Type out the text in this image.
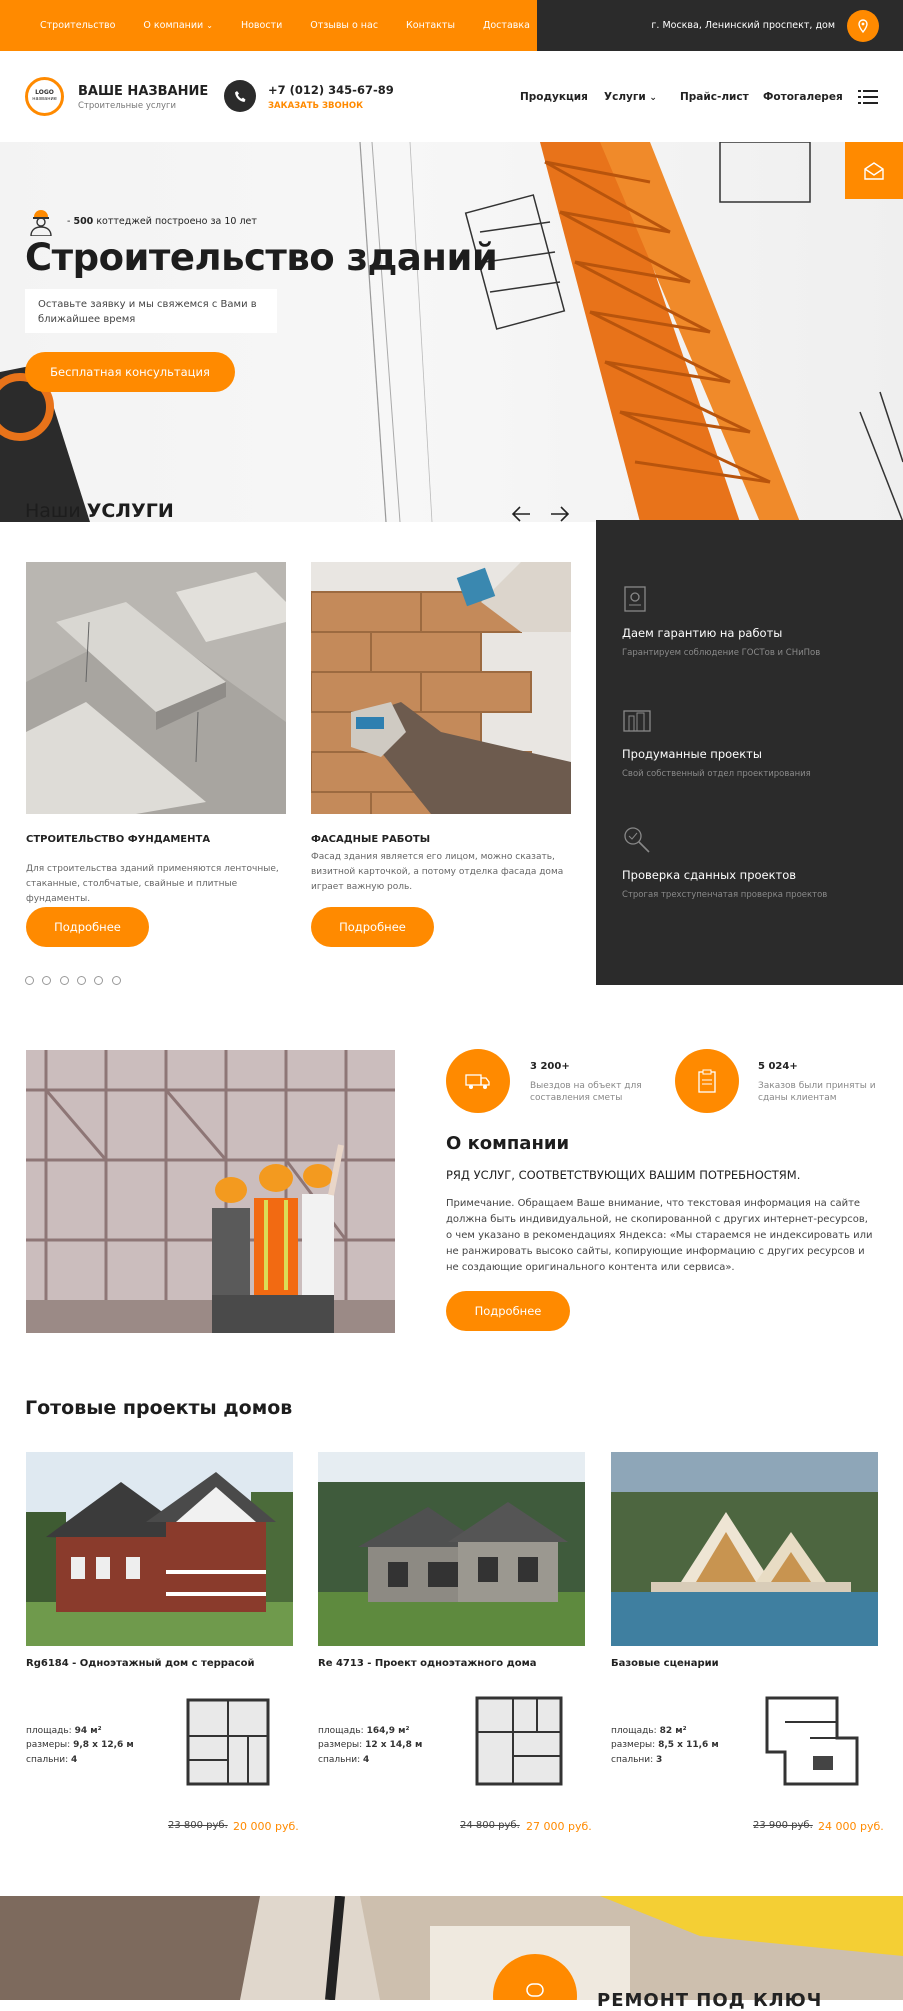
Строительство	О компании ⌄	Новости	Отзывы о нас	Контакты	Доставка	г. Москва, Ленинский проспект, дом
LOGO
название
ВАШЕ НАЗВАНИЕ
Строительные услуги
+7 (012) 345-67-89
ЗАКАЗАТЬ ЗВОНОК
Продукция Услуги ⌄ Прайс-лист Фотогалерея
- 500 коттеджей построено за 10 лет
Строительство зданий
Оставьте заявку и мы свяжемся с Вами в ближайшее время
Бесплатная консультация
Наши УСЛУГИ
СТРОИТЕЛЬСТВО ФУНДАМЕНТА
Для строительства зданий применяются ленточные, стаканные, столбчатые, свайные и плитные фундаменты.
Подробнее
ФАСАДНЫЕ РАБОТЫ
Фасад здания является его лицом, можно сказать, визитной карточкой, а потому отделка фасада дома играет важную роль.
Подробнее
Даем гарантию на работы
Гарантируем соблюдение ГОСТов и СНиПов
Продуманные проекты
Свой собственный отдел проектирования
Проверка сданных проектов
Строгая трехступенчатая проверка проектов
3 200+
Выездов на объект для составления сметы
5 024+
Заказов были приняты и сданы клиентам
О компании
РЯД УСЛУГ, СООТВЕТСТВУЮЩИХ ВАШИМ ПОТРЕБНОСТЯМ.
Примечание. Обращаем Ваше внимание, что текстовая информация на сайте должна быть индивидуальной, не скопированной с других интернет-ресурсов, о чем указано в рекомендациях Яндекса: «Мы стараемся не индексировать или не ранжировать высоко сайты, копирующие информацию с других ресурсов и не создающие оригинального контента или сервиса».
Подробнее
Готовые проекты домов
Rg6184 - Одноэтажный дом с террасой	Re 4713 - Проект одноэтажного дома	Базовые сценарии
площадь: 94 м²
размеры: 9,8 x 12,6 м
спальни: 4
площадь: 164,9 м²
размеры: 12 x 14,8 м
спальни: 4
площадь: 82 м²
размеры: 8,5 x 11,6 м
спальни: 3
23 800 руб. 20 000 руб.	24 800 руб. 27 000 руб.	23 900 руб. 24 000 руб.
РЕМОНТ ПОД КЛЮЧ
